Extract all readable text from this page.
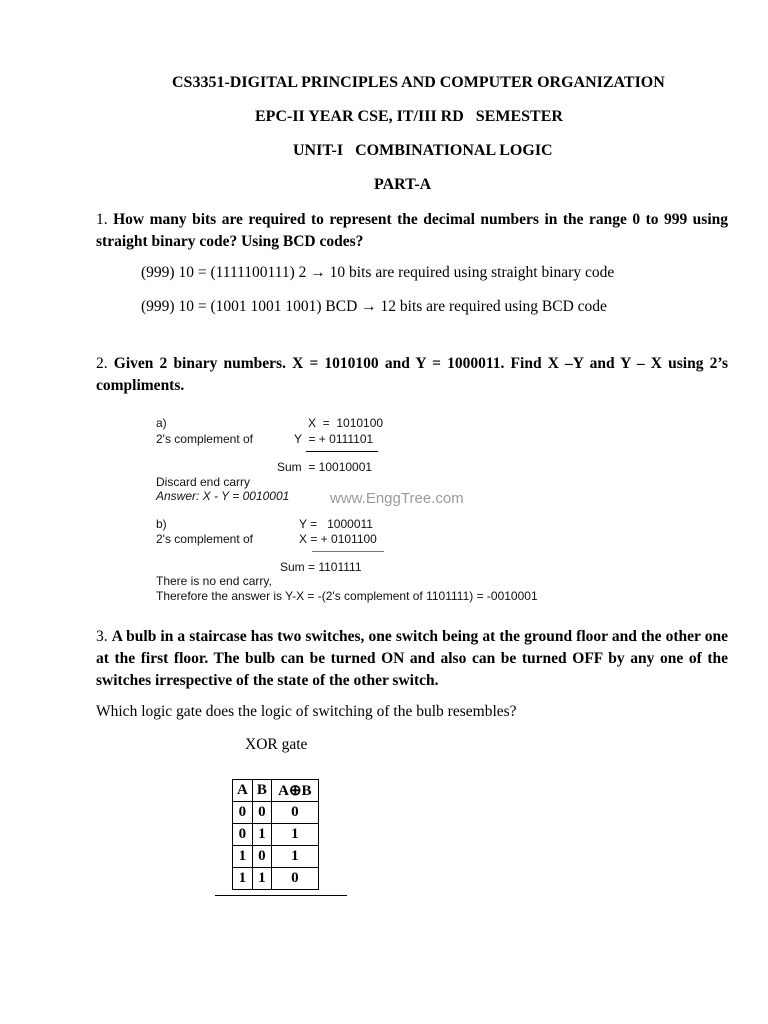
CS3351-DIGITAL PRINCIPLES AND COMPUTER ORGANIZATION
EPC-II YEAR CSE, IT/III RD   SEMESTER
UNIT-I   COMBINATIONAL LOGIC
PART-A
1. How many bits are required to represent the decimal numbers in the range 0 to 999 using straight binary code? Using BCD codes?
(999) 10 = (1111100111) 2 → 10 bits are required using straight binary code
(999) 10 = (1001 1001 1001) BCD → 12 bits are required using BCD code
2. Given 2 binary numbers. X = 1010100 and Y = 1000011. Find X –Y and Y – X using 2’s compliments.
a)	X  =  1010100
2's complement of	Y  = + 0111101
Sum  = 10010001
Discard end carry
Answer: X - Y = 0010001	www.EnggTree.com
b)	Y =   1000011
2's complement of	X = + 0101100
Sum = 1101111
There is no end carry,
Therefore the answer is Y-X = -(2's complement of 1101111) = -0010001
3. A bulb in a staircase has two switches, one switch being at the ground floor and the other one at the first floor. The bulb can be turned ON and also can be turned OFF by any one of the switches irrespective of the state of the other switch.
Which logic gate does the logic of switching of the bulb resembles?
XOR gate
A	B	A⊕B
0	0	0
0	1	1
1	0	1
1	1	0
